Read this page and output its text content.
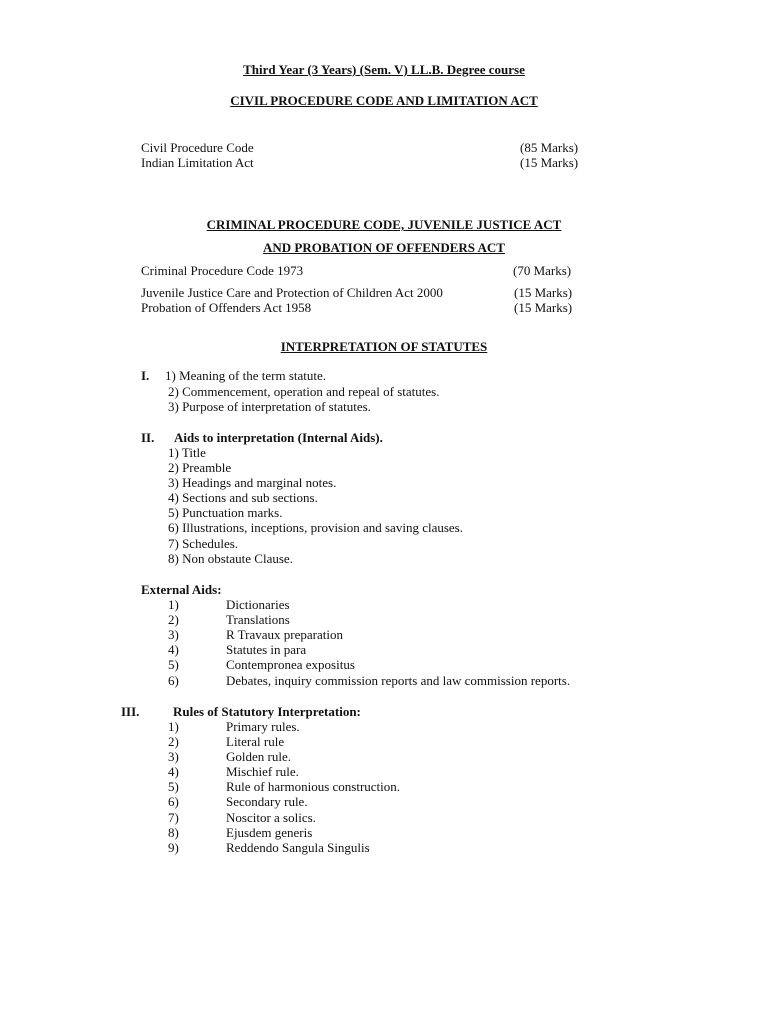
Third Year (3 Years) (Sem. V) LL.B. Degree course
CIVIL PROCEDURE CODE AND LIMITATION ACT
Civil Procedure Code	(85 Marks)
Indian Limitation Act	(15 Marks)
CRIMINAL PROCEDURE CODE, JUVENILE JUSTICE ACT
AND PROBATION OF OFFENDERS ACT
Criminal Procedure Code 1973	(70 Marks)
Juvenile Justice Care and Protection of Children Act 2000	(15 Marks)
Probation of Offenders Act 1958	(15 Marks)
INTERPRETATION OF STATUTES
I. 1) Meaning of the term statute.
2) Commencement, operation and repeal of statutes.
3) Purpose of interpretation of statutes.
II. Aids to interpretation (Internal Aids).
1) Title
2) Preamble
3) Headings and marginal notes.
4) Sections and sub sections.
5) Punctuation marks.
6) Illustrations, inceptions, provision and saving clauses.
7) Schedules.
8) Non obstaute Clause.
External Aids:
1)	Dictionaries
2)	Translations
3)	R Travaux preparation
4)	Statutes in para
5)	Contempronea expositus
6)	Debates, inquiry commission reports and law commission reports.
III.	Rules of Statutory Interpretation:
1)	Primary rules.
2)	Literal rule
3)	Golden rule.
4)	Mischief rule.
5)	Rule of harmonious construction.
6)	Secondary rule.
7)	Noscitor a solics.
8)	Ejusdem generis
9)	Reddendo Sangula Singulis
